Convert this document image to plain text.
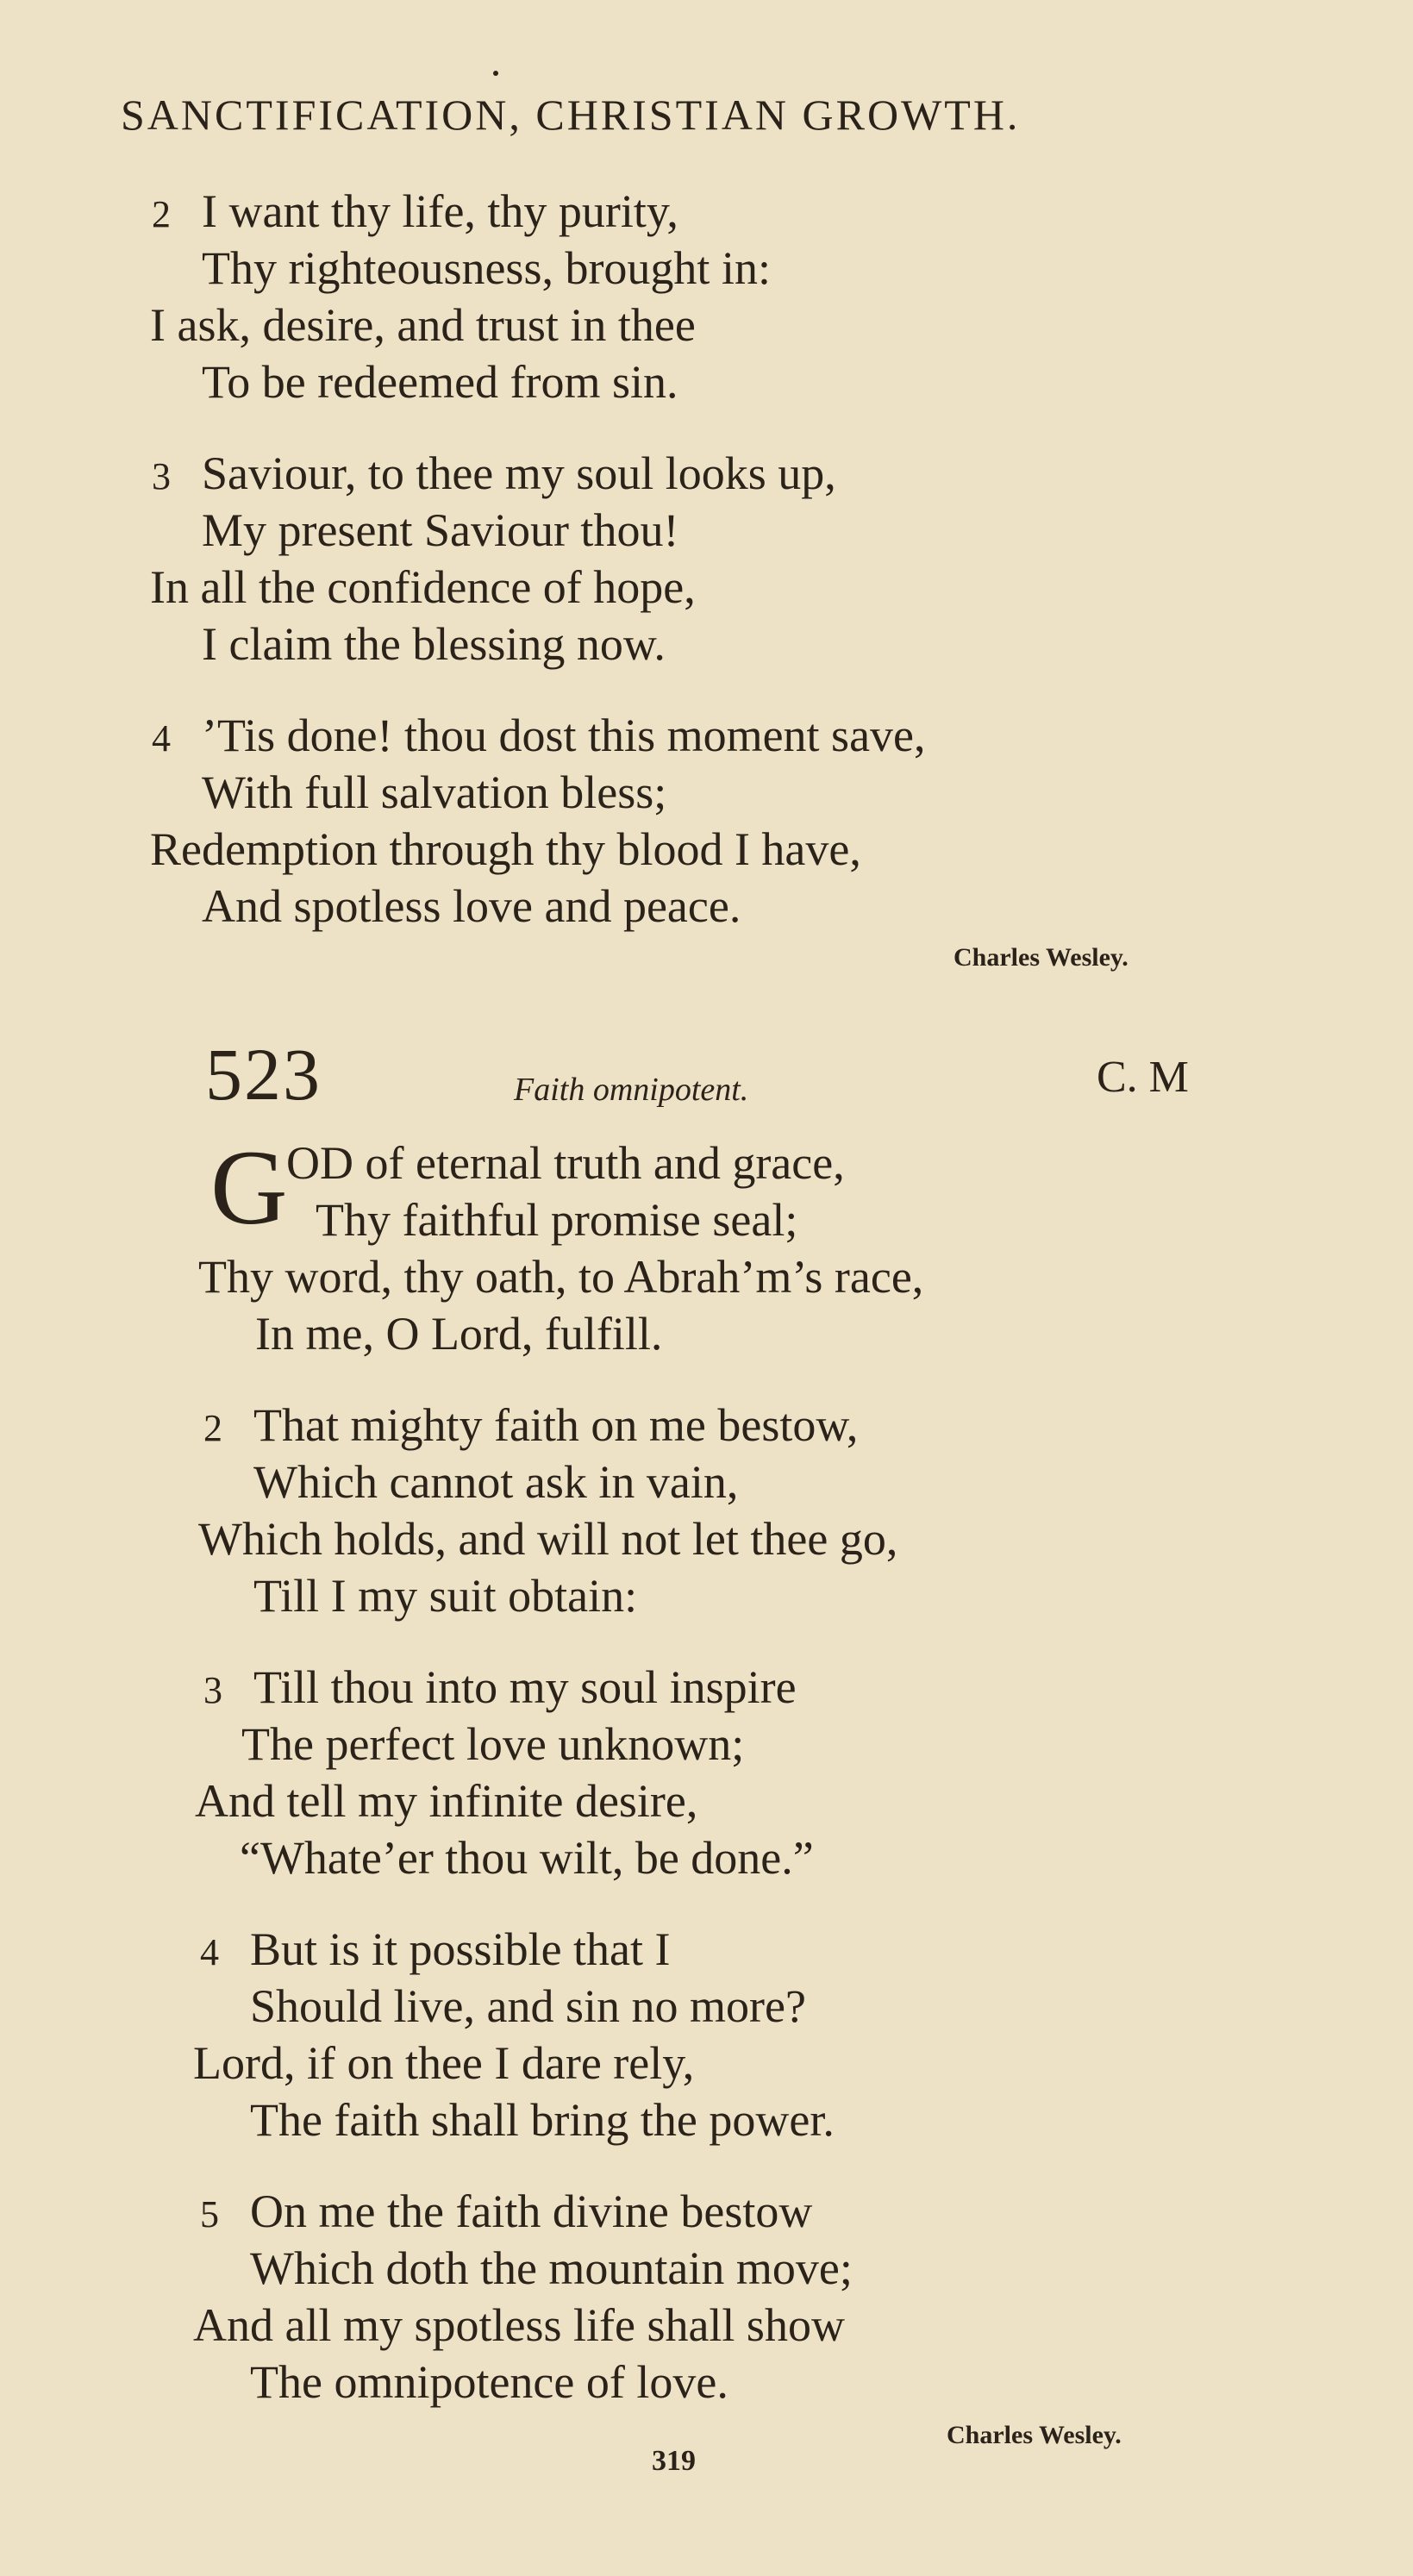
SANCTIFICATION, CHRISTIAN GROWTH.
2 I want thy life, thy purity,
Thy righteousness, brought in:
I ask, desire, and trust in thee
To be redeemed from sin.
3 Saviour, to thee my soul looks up,
My present Saviour thou!
In all the confidence of hope,
I claim the blessing now.
4 ’Tis done! thou dost this moment save,
With full salvation bless;
Redemption through thy blood I have,
And spotless love and peace.
Charles Wesley.
523	Faith omnipotent.	C. M
G
OD of eternal truth and grace,
Thy faithful promise seal;
Thy word, thy oath, to Abrah’m’s race,
In me, O Lord, fulfill.
2 That mighty faith on me bestow,
Which cannot ask in vain,
Which holds, and will not let thee go,
Till I my suit obtain:
3 Till thou into my soul inspire
The perfect love unknown;
And tell my infinite desire,
“Whate’er thou wilt, be done.”
4 But is it possible that I
Should live, and sin no more?
Lord, if on thee I dare rely,
The faith shall bring the power.
5 On me the faith divine bestow
Which doth the mountain move;
And all my spotless life shall show
The omnipotence of love.
Charles Wesley.
319
